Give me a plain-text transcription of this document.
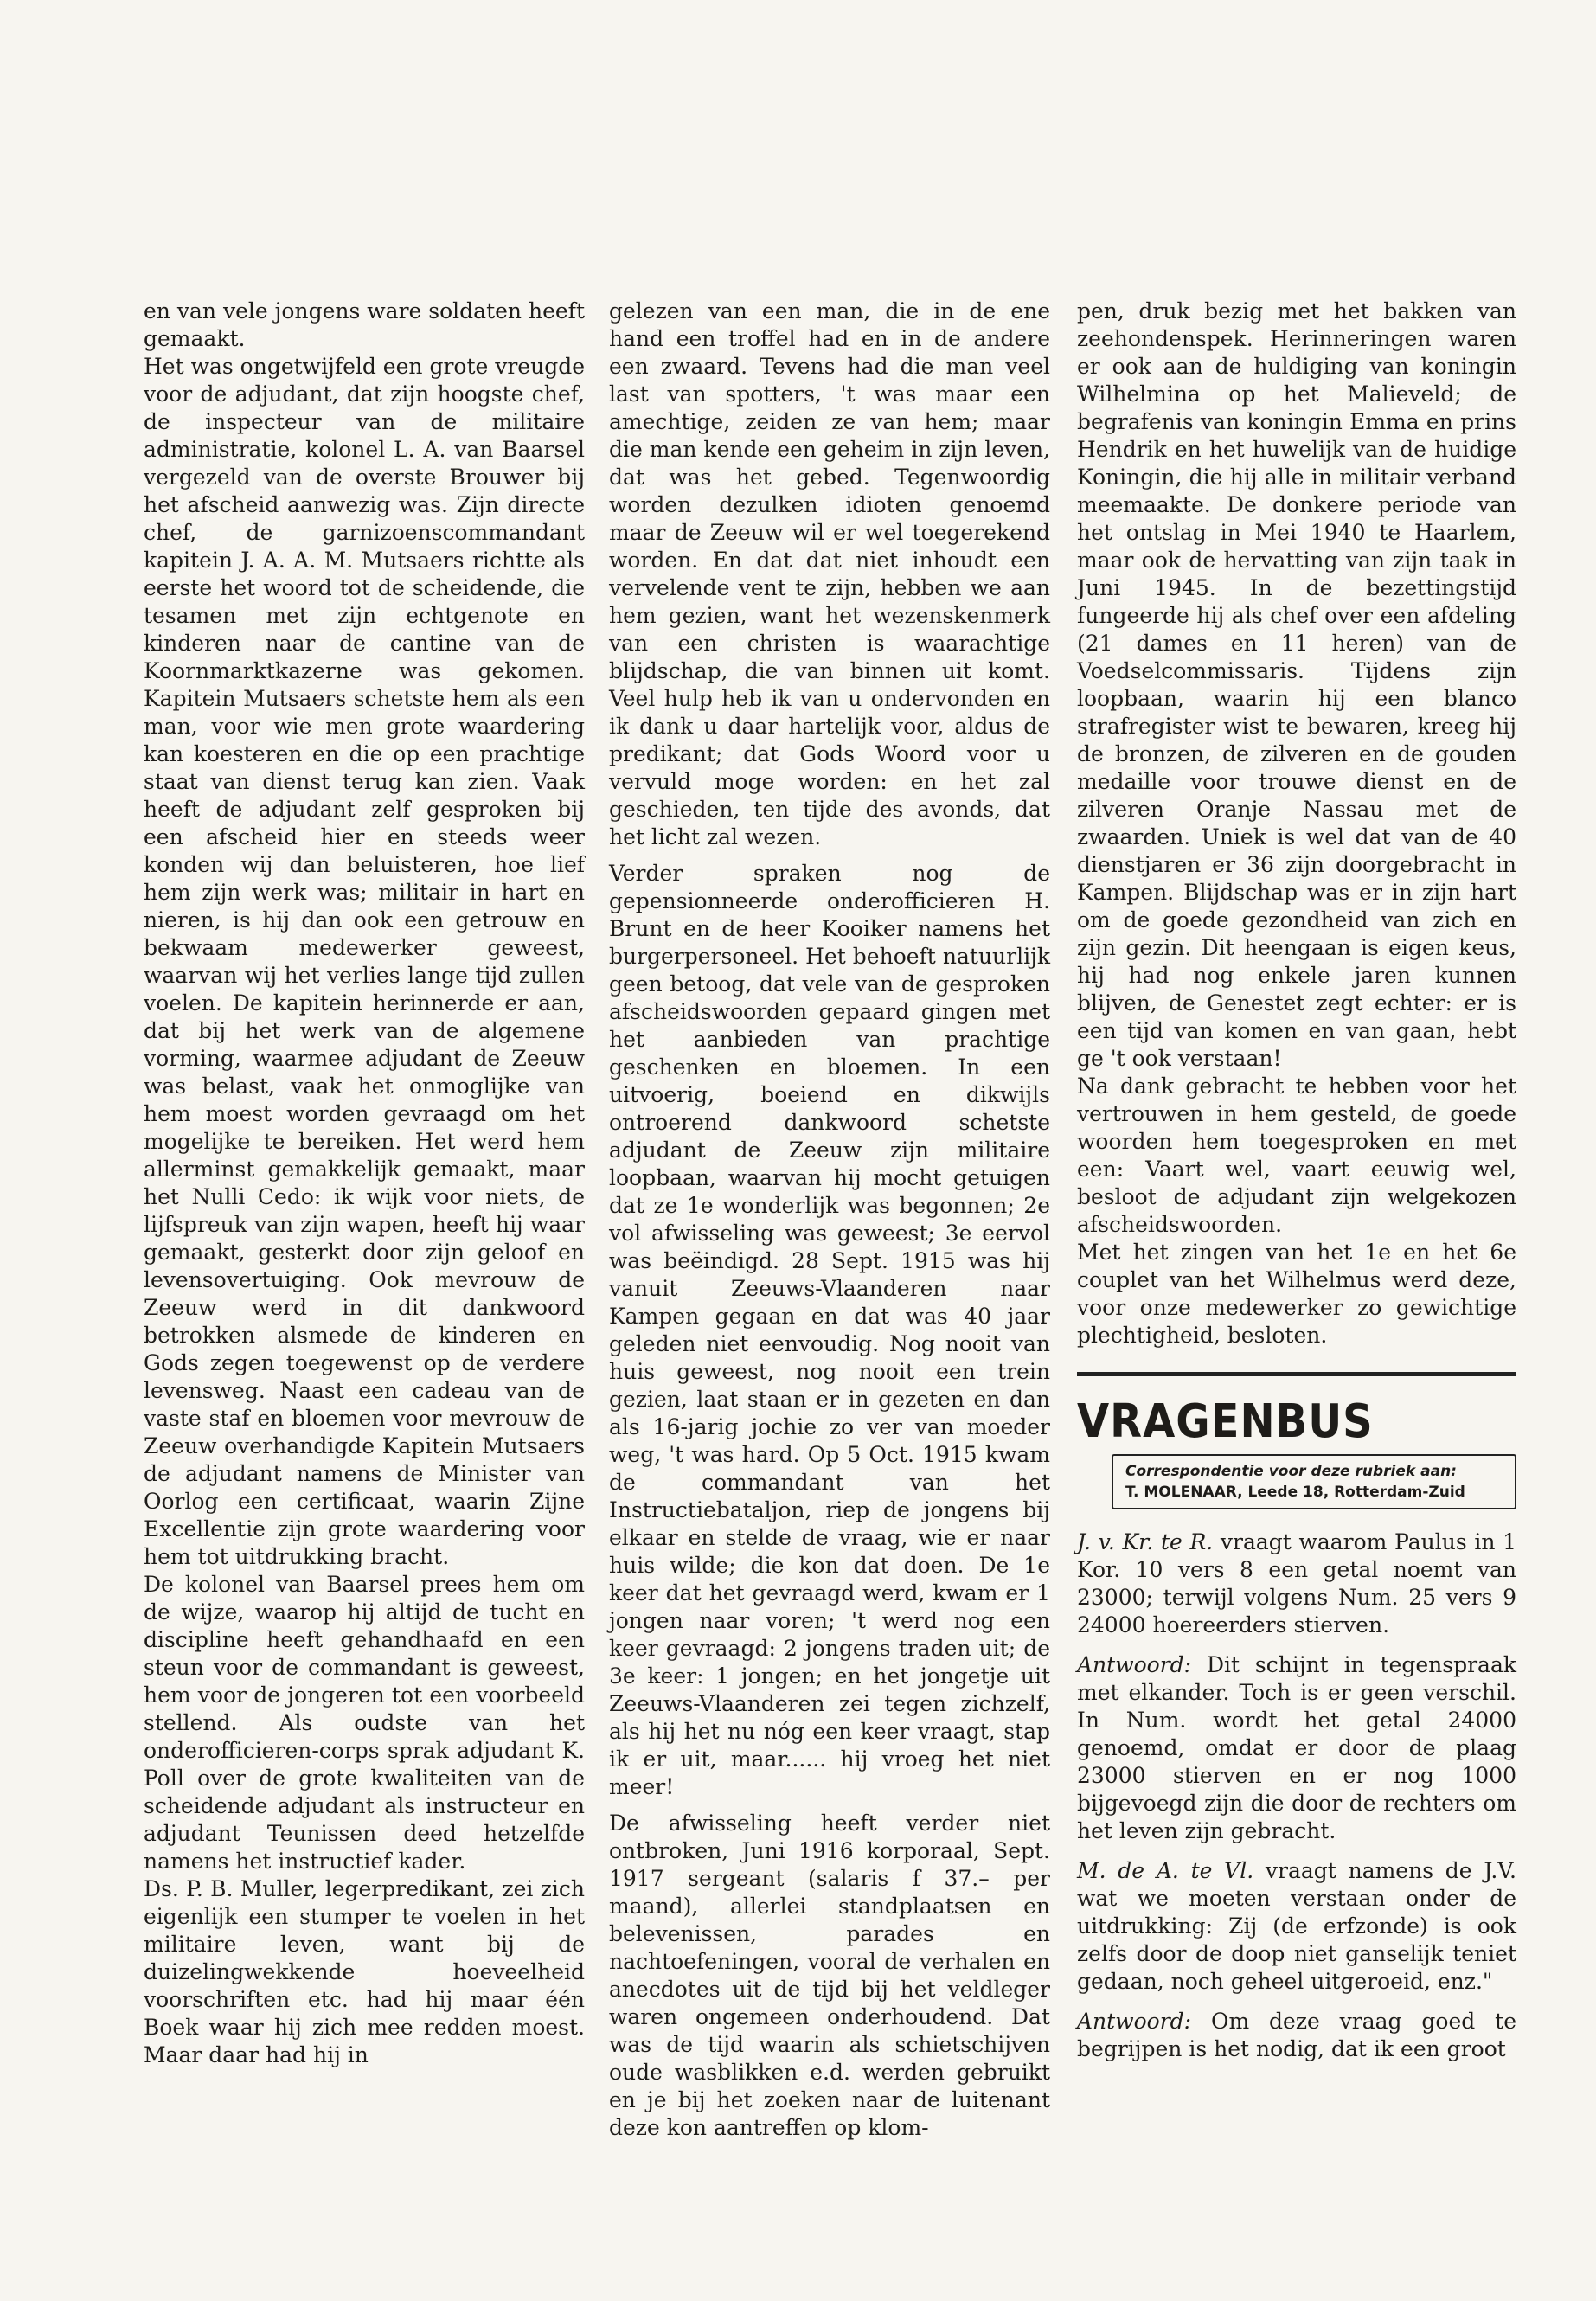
en van vele jongens ware soldaten heeft gemaakt.

Het was ongetwijfeld een grote vreugde voor de adjudant, dat zijn hoogste chef, de inspecteur van de militaire administratie, kolonel L. A. van Baarsel vergezeld van de overste Brouwer bij het afscheid aanwezig was. Zijn directe chef, de garnizoenscommandant kapitein J. A. A. M. Mutsaers richtte als eerste het woord tot de scheidende, die tesamen met zijn echtgenote en kinderen naar de cantine van de Koornmarktkazerne was gekomen. Kapitein Mutsaers schetste hem als een man, voor wie men grote waardering kan koesteren en die op een prachtige staat van dienst terug kan zien. Vaak heeft de adjudant zelf gesproken bij een afscheid hier en steeds weer konden wij dan beluisteren, hoe lief hem zijn werk was; militair in hart en nieren, is hij dan ook een getrouw en bekwaam medewerker geweest, waarvan wij het verlies lange tijd zullen voelen. De kapitein herinnerde er aan, dat bij het werk van de algemene vorming, waarmee adjudant de Zeeuw was belast, vaak het onmoglijke van hem moest worden gevraagd om het mogelijke te bereiken. Het werd hem allerminst gemakkelijk gemaakt, maar het Nulli Cedo: ik wijk voor niets, de lijfspreuk van zijn wapen, heeft hij waar gemaakt, gesterkt door zijn geloof en levensovertuiging. Ook mevrouw de Zeeuw werd in dit dankwoord betrokken alsmede de kinderen en Gods zegen toegewenst op de verdere levensweg. Naast een cadeau van de vaste staf en bloemen voor mevrouw de Zeeuw overhandigde Kapitein Mutsaers de adjudant namens de Minister van Oorlog een certificaat, waarin Zijne Excellentie zijn grote waardering voor hem tot uitdrukking bracht.

De kolonel van Baarsel prees hem om de wijze, waarop hij altijd de tucht en discipline heeft gehandhaafd en een steun voor de commandant is geweest, hem voor de jongeren tot een voorbeeld stellend. Als oudste van het onderofficieren-corps sprak adjudant K. Poll over de grote kwaliteiten van de scheidende adjudant als instructeur en adjudant Teunissen deed hetzelfde namens het instructief kader.

Ds. P. B. Muller, legerpredikant, zei zich eigenlijk een stumper te voelen in het militaire leven, want bij de duizelingwekkende hoeveelheid voorschriften etc. had hij maar één Boek waar hij zich mee redden moest. Maar daar had hij in

gelezen van een man, die in de ene hand een troffel had en in de andere een zwaard. Tevens had die man veel last van spotters, 't was maar een amechtige, zeiden ze van hem; maar die man kende een geheim in zijn leven, dat was het gebed. Tegenwoordig worden dezulken idioten genoemd maar de Zeeuw wil er wel toegerekend worden. En dat dat niet inhoudt een vervelende vent te zijn, hebben we aan hem gezien, want het wezenskenmerk van een christen is waarachtige blijdschap, die van binnen uit komt. Veel hulp heb ik van u ondervonden en ik dank u daar hartelijk voor, aldus de predikant; dat Gods Woord voor u vervuld moge worden: en het zal geschieden, ten tijde des avonds, dat het licht zal wezen.

Verder spraken nog de gepensionneerde onderofficieren H. Brunt en de heer Kooiker namens het burgerpersoneel. Het behoeft natuurlijk geen betoog, dat vele van de gesproken afscheidswoorden gepaard gingen met het aanbieden van prachtige geschenken en bloemen. In een uitvoerig, boeiend en dikwijls ontroerend dankwoord schetste adjudant de Zeeuw zijn militaire loopbaan, waarvan hij mocht getuigen dat ze 1e wonderlijk was begonnen; 2e vol afwisseling was geweest; 3e eervol was beëindigd. 28 Sept. 1915 was hij vanuit Zeeuws-Vlaanderen naar Kampen gegaan en dat was 40 jaar geleden niet eenvoudig. Nog nooit van huis geweest, nog nooit een trein gezien, laat staan er in gezeten en dan als 16-jarig jochie zo ver van moeder weg, 't was hard. Op 5 Oct. 1915 kwam de commandant van het Instructiebataljon, riep de jongens bij elkaar en stelde de vraag, wie er naar huis wilde; die kon dat doen. De 1e keer dat het gevraagd werd, kwam er 1 jongen naar voren; 't werd nog een keer gevraagd: 2 jongens traden uit; de 3e keer: 1 jongen; en het jongetje uit Zeeuws-Vlaanderen zei tegen zichzelf, als hij het nu nóg een keer vraagt, stap ik er uit, maar...... hij vroeg het niet meer!

De afwisseling heeft verder niet ontbroken, Juni 1916 korporaal, Sept. 1917 sergeant (salaris f 37.– per maand), allerlei standplaatsen en belevenissen, parades en nachtoefeningen, vooral de verhalen en anecdotes uit de tijd bij het veldleger waren ongemeen onderhoudend. Dat was de tijd waarin als schietschijven oude wasblikken e.d. werden gebruikt en je bij het zoeken naar de luitenant deze kon aantreffen op klom-

pen, druk bezig met het bakken van zeehondenspek. Herinneringen waren er ook aan de huldiging van koningin Wilhelmina op het Malieveld; de begrafenis van koningin Emma en prins Hendrik en het huwelijk van de huidige Koningin, die hij alle in militair verband meemaakte. De donkere periode van het ontslag in Mei 1940 te Haarlem, maar ook de hervatting van zijn taak in Juni 1945. In de bezettingstijd fungeerde hij als chef over een afdeling (21 dames en 11 heren) van de Voedselcommissaris. Tijdens zijn loopbaan, waarin hij een blanco strafregister wist te bewaren, kreeg hij de bronzen, de zilveren en de gouden medaille voor trouwe dienst en de zilveren Oranje Nassau met de zwaarden. Uniek is wel dat van de 40 dienstjaren er 36 zijn doorgebracht in Kampen. Blijdschap was er in zijn hart om de goede gezondheid van zich en zijn gezin. Dit heengaan is eigen keus, hij had nog enkele jaren kunnen blijven, de Genestet zegt echter: er is een tijd van komen en van gaan, hebt ge 't ook verstaan!

Na dank gebracht te hebben voor het vertrouwen in hem gesteld, de goede woorden hem toegesproken en met een: Vaart wel, vaart eeuwig wel, besloot de adjudant zijn welgekozen afscheidswoorden.

Met het zingen van het 1e en het 6e couplet van het Wilhelmus werd deze, voor onze medewerker zo gewichtige plechtigheid, besloten.

VRAGENBUS
Correspondentie voor deze rubriek aan:
T. MOLENAAR, Leede 18, Rotterdam-Zuid

J. v. Kr. te R. vraagt waarom Paulus in 1 Kor. 10 vers 8 een getal noemt van 23000; terwijl volgens Num. 25 vers 9 24000 hoereerders stierven.

Antwoord: Dit schijnt in tegenspraak met elkander. Toch is er geen verschil. In Num. wordt het getal 24000 genoemd, omdat er door de plaag 23000 stierven en er nog 1000 bijgevoegd zijn die door de rechters om het leven zijn gebracht.

M. de A. te Vl. vraagt namens de J.V. wat we moeten verstaan onder de uitdrukking: Zij (de erfzonde) is ook zelfs door de doop niet ganselijk teniet gedaan, noch geheel uitgeroeid, enz."

Antwoord: Om deze vraag goed te begrijpen is het nodig, dat ik een groot
